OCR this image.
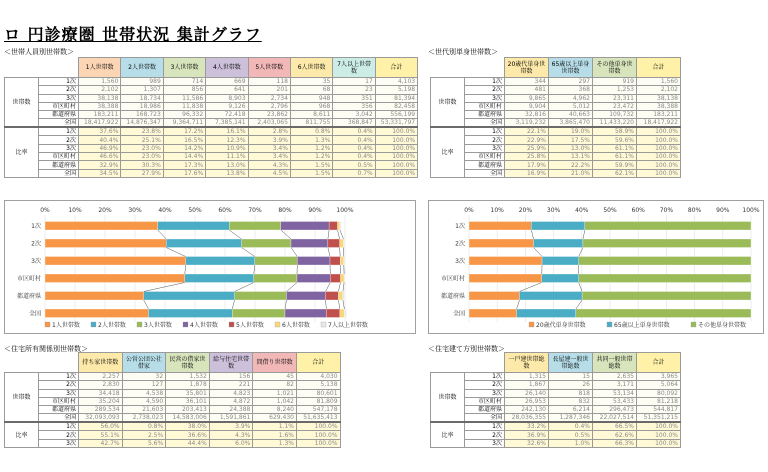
ロ 円診療圏 世帯状況 集計グラフ
＜世帯人員別世帯数＞	＜世代別単身世帯数＞
＜住宅所有関係別世帯数＞	＜住宅建て方別世帯数＞
		1人世帯数	2人世帯数	3人世帯数	4人世帯数	5人世帯数	6人世帯数	7人以上世帯数	合計
世帯数	1次	1,560	989	714	669	118	35	17	4,103
	2次	2,102	1,307	856	641	201	68	23	5,198
	3次	38,138	18,734	11,586	8,903	2,734	948	351	81,394
	市区町村	38,388	18,986	11,838	9,126	2,796	968	356	82,458
	都道府県	183,211	168,723	96,332	72,418	23,862	8,611	3,042	556,199
	全国	18,417,922	14,876,347	9,364,711	7,385,141	2,403,065	811,755	368,847	53,331,797
比率	1次	37.6%	23.8%	17.2%	16.1%	2.8%	0.8%	0.4%	100.0%
	2次	40.4%	25.1%	16.5%	12.3%	3.9%	1.3%	0.4%	100.0%
	3次	46.9%	23.0%	14.2%	10.9%	3.4%	1.2%	0.4%	100.0%
	市区町村	46.6%	23.0%	14.4%	11.1%	3.4%	1.2%	0.4%	100.0%
	都道府県	32.9%	30.3%	17.3%	13.0%	4.3%	1.5%	0.5%	100.0%
	全国	34.5%	27.9%	17.6%	13.8%	4.5%	1.5%	0.7%	100.0%
		20歳代単身世帯数	65歳以上単身世帯数	その他単身世帯数	合計
世帯数	1次	344	297	919	1,560
	2次	481	368	1,253	2,102
	3次	9,865	4,962	23,311	38,138
	市区町村	9,904	5,012	23,472	38,388
	都道府県	32,816	40,663	109,732	183,211
	全国	3,119,232	3,865,470	11,433,220	18,417,922
比率	1次	22.1%	19.0%	58.9%	100.0%
	2次	22.9%	17.5%	59.6%	100.0%
	3次	25.9%	13.0%	61.1%	100.0%
	市区町村	25.8%	13.1%	61.1%	100.0%
	都道府県	17.9%	22.2%	59.9%	100.0%
	全国	16.9%	21.0%	62.1%	100.0%
		持ち家世帯数	公営公団公社借家	民営の借家世帯数	給与住宅世帯数	間借り世帯数	合計
世帯数	1次	2,257	32	1,532	156	45	4,030
	2次	2,830	127	1,878	221	82	5,138
	3次	34,418	4,538	35,801	4,823	1,021	80,601
	市区町村	35,204	4,590	36,101	4,872	1,042	81,809
	都道府県	289,534	21,603	203,413	24,388	8,240	547,178
	全国	32,093,093	2,738,023	14,583,006	1,591,861	629,430	51,635,413
比率	1次	56.0%	0.8%	38.0%	3.9%	1.1%	100.0%
	2次	55.1%	2.5%	36.6%	4.3%	1.6%	100.0%
	3次	42.7%	5.6%	44.4%	6.0%	1.3%	100.0%
		一戸建世帯総数	長屋建一般世帯総数	共同一般世帯総数	合計
世帯数	1次	1,315	15	2,635	3,965
	2次	1,867	26	3,171	5,064
	3次	26,140	818	53,134	80,092
	市区町村	26,953	832	53,433	81,218
	都道府県	242,130	6,214	296,473	544,817
	全国	28,036,355	1,287,346	22,027,514	51,351,215
比率	1次	33.2%	0.4%	66.5%	100.0%
	2次	36.9%	0.5%	62.6%	100.0%
	3次	32.6%	1.0%	66.3%	100.0%
0%	10%	20%	30%	40%	50%	60%	70%	80%	90% 100%
1次
2次
3次
市区町村
都道府県
全国
1人世帯数	2人世帯数	3人世帯数	4人世帯数	5人世帯数	6人世帯数	7人以上世帯数
0%	10% 20% 30% 40% 50% 60% 70% 80% 90% 100%
1次
2次
3次
市区町村
都道府県
全国
20歳代単身世帯数	65歳以上単身世帯数	その他単身世帯数
